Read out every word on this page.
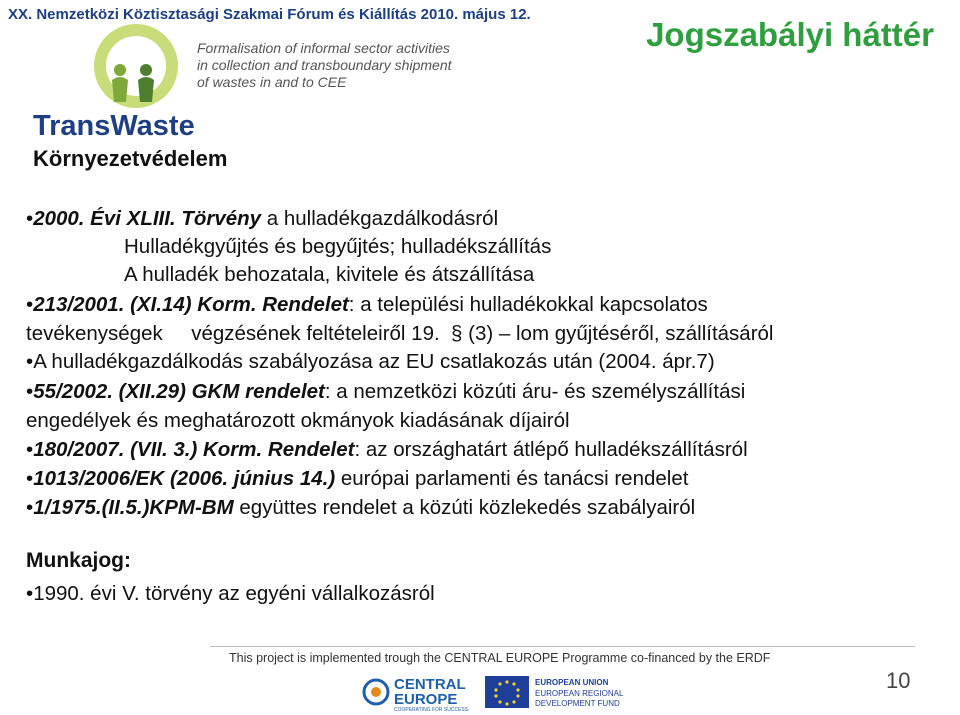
XX. Nemzetközi Köztisztasági Szakmai Fórum és Kiállítás 2010. május 12.
Jogszabályi háttér
Formalisation of informal sector activities
in collection and transboundary shipment
of wastes in and to CEE
TransWaste
Környezetvédelem
•2000. Évi XLIII. Törvény a hulladékgazdálkodásról
Hulladékgyűjtés és begyűjtés; hulladékszállítás
A hulladék behozatala, kivitele és átszállítása
•213/2001. (XI.14) Korm. Rendelet: a települési hulladékokkal kapcsolatos
tevékenységek     végzésének feltételeiről 19.  § (3) – lom gyűjtéséről, szállításáról
•A hulladékgazdálkodás szabályozása az EU csatlakozás után (2004. ápr.7)
•55/2002. (XII.29) GKM rendelet: a nemzetközi közúti áru- és személyszállítási
engedélyek és meghatározott okmányok kiadásának díjairól
•180/2007. (VII. 3.) Korm. Rendelet: az országhatárt átlépő hulladékszállításról
•1013/2006/EK (2006. június 14.) európai parlamenti és tanácsi rendelet
•1/1975.(II.5.)KPM-BM együttes rendelet a közúti közlekedés szabályairól
Munkajog:
•1990. évi V. törvény az egyéni vállalkozásról
This project is implemented trough the CENTRAL EUROPE Programme co-financed by the ERDF
10
CENTRAL
EUROPE
COOPERATING FOR SUCCESS.
EUROPEAN UNION
EUROPEAN REGIONAL
DEVELOPMENT FUND
